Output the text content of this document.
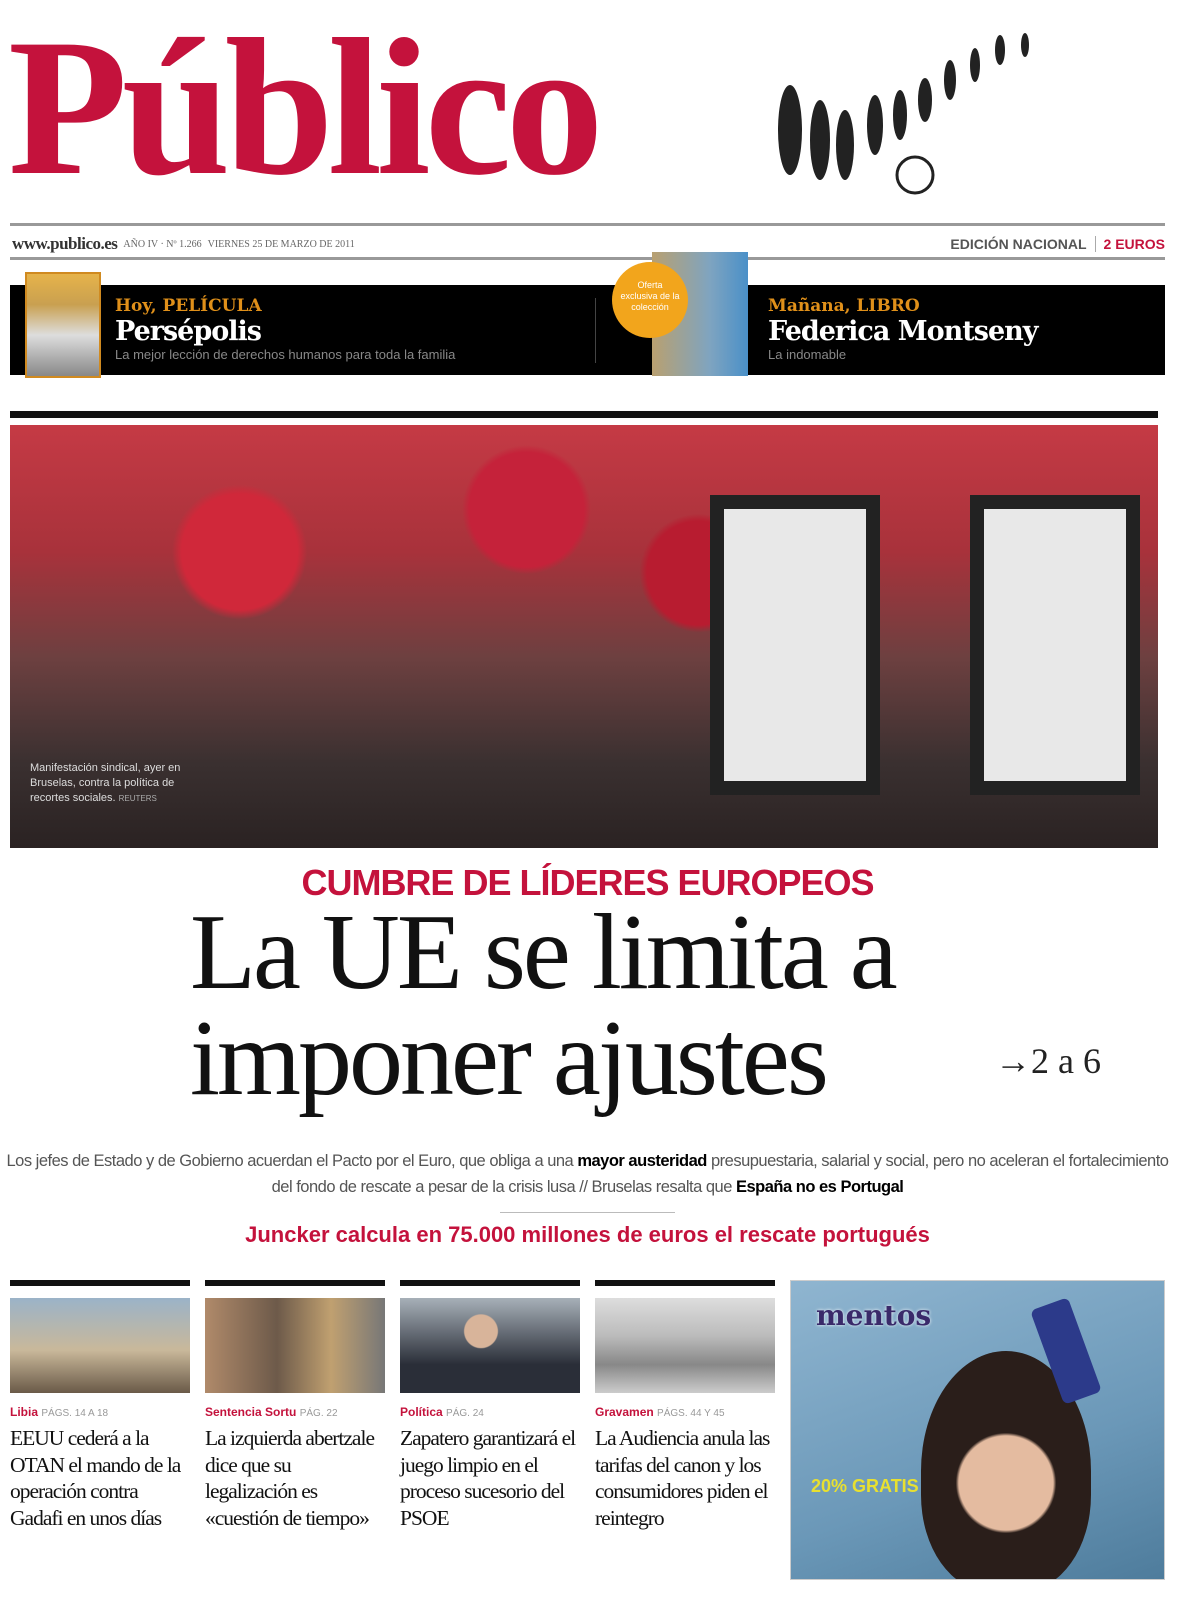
Público
www.publico.es AÑO IV · Nº 1.266 VIERNES 25 DE MARZO DE 2011	EDICIÓN NACIONAL	2 EUROS
Hoy, PELÍCULA
Persépolis
La mejor lección de derechos humanos para toda la familia
Oferta exclusiva de la colección	Mañana, LIBRO
Federica Montseny
La indomable
Manifestación sindical, ayer en Bruselas, contra la política de recortes sociales. REUTERS
CUMBRE DE LÍDERES EUROPEOS
La UE se limita a
imponer ajustes	→2 a 6
Los jefes de Estado y de Gobierno acuerdan el Pacto por el Euro, que obliga a una mayor austeridad presupuestaria, salarial y social, pero no aceleran el fortalecimiento del fondo de rescate a pesar de la crisis lusa // Bruselas resalta que España no es Portugal
Juncker calcula en 75.000 millones de euros el rescate portugués
Libia PÁGS. 14 A 18
EEUU cederá a la OTAN el mando de la operación contra Gadafi en unos días
Sentencia Sortu PÁG. 22
La izquierda abertzale dice que su legalización es «cuestión de tiempo»
Política PÁG. 24
Zapatero garantizará el juego limpio en el proceso sucesorio del PSOE
Gravamen PÁGS. 44 Y 45
La Audiencia anula las tarifas del canon y los consumidores piden el reintegro
mentos
20% GRATIS
